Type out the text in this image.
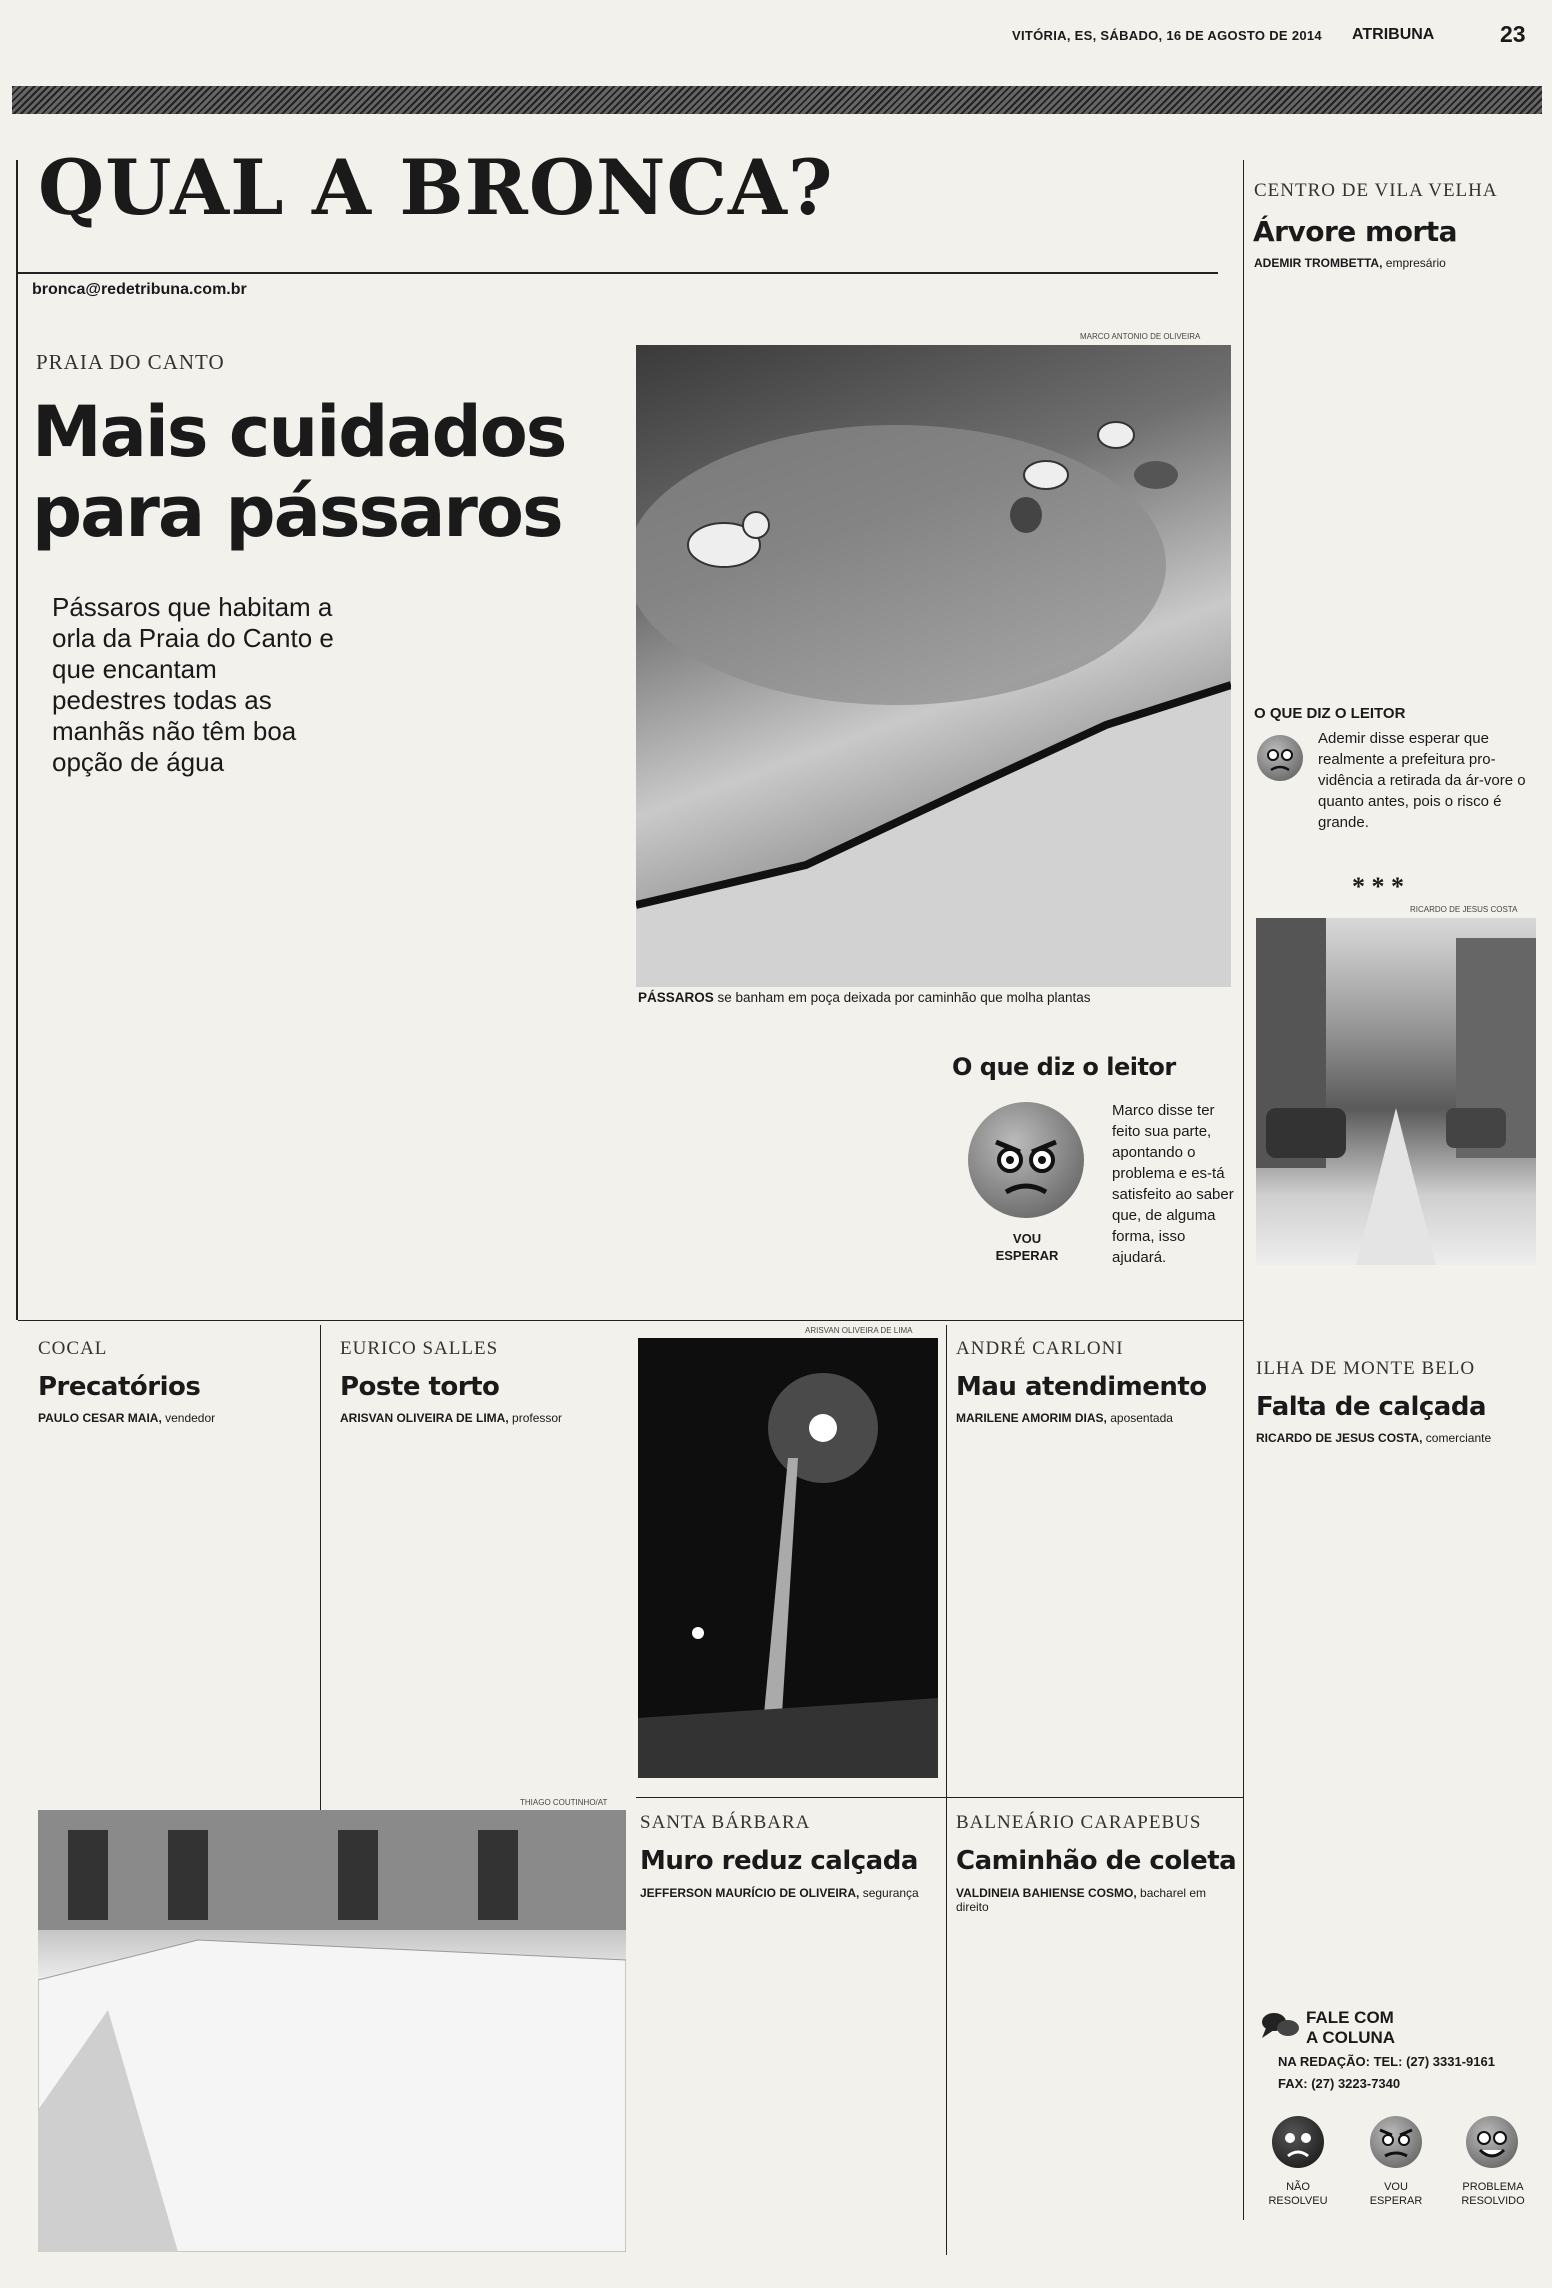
VITÓRIA, ES, SÁBADO, 16 DE AGOSTO DE 2014 ATRIBUNA	23
QUAL A BRONCA?
bronca@redetribuna.com.br
PRAIA DO CANTO
Mais cuidados
para pássaros
Pássaros que habitam a orla da Praia do Canto e que encantam pedestres todas as manhãs não têm boa opção de água
MARCO ANTONIO DE OLIVEIRA
PÁSSAROS se banham em poça deixada por caminhão que molha plantas
O que diz o leitor
VOU ESPERAR
Marco disse ter feito sua parte, apontando o problema e es-tá satisfeito ao saber que, de alguma forma, isso ajudará.
CENTRO DE VILA VELHA
Árvore morta
ADEMIR TROMBETTA, empresário
O QUE DIZ O LEITOR
Ademir disse esperar que realmente a prefeitura pro-vidência a retirada da ár-vore o quanto antes, pois o risco é grande.
* * *
RICARDO DE JESUS COSTA
COCAL
Precatórios
PAULO CESAR MAIA, vendedor
EURICO SALLES
Poste torto
ARISVAN OLIVEIRA DE LIMA, professor
ARISVAN OLIVEIRA DE LIMA
ANDRÉ CARLONI
Mau atendimento
MARILENE AMORIM DIAS, aposentada
ILHA DE MONTE BELO
Falta de calçada
RICARDO DE JESUS COSTA, comerciante
THIAGO COUTINHO/AT
SANTA BÁRBARA
Muro reduz calçada
JEFFERSON MAURÍCIO DE OLIVEIRA, segurança
BALNEÁRIO CARAPEBUS
Caminhão de coleta
VALDINEIA BAHIENSE COSMO, bacharel em direito
FALE COM
A COLUNA
NA REDAÇÃO: TEL: (27) 3331-9161
FAX: (27) 3223-7340
NÃO RESOLVEU
VOU ESPERAR
PROBLEMA RESOLVIDO
